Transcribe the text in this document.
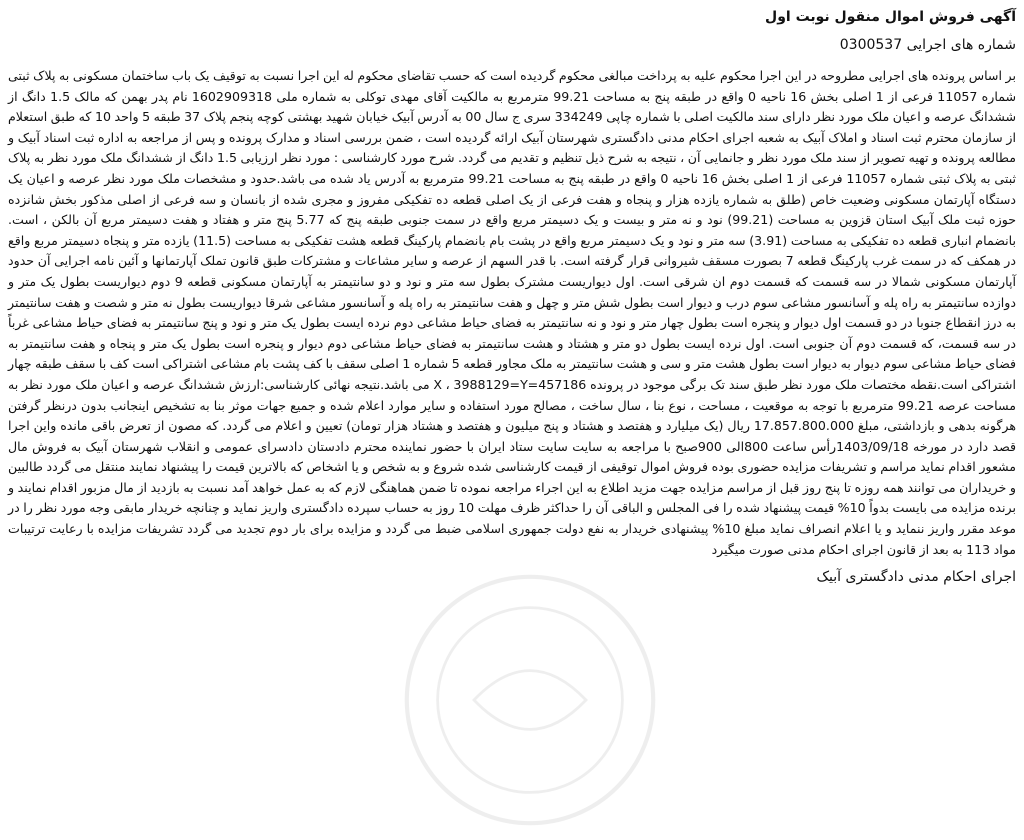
آگهی فروش اموال منقول نوبت اول
شماره های اجرایی 0300537

بر اساس پرونده های اجرایی مطروحه در این اجرا محکوم علیه به پرداخت مبالغی محکوم گردیده است که حسب تقاضای محکوم له این اجرا نسبت به توقیف یک باب ساختمان مسکونی به پلاک ثبتی شماره 11057 فرعی از 1 اصلی بخش 16 ناحیه 0 واقع در طبقه پنج به مساحت 99.21 مترمربع به مالکیت آقای مهدی توکلی به شماره ملی 1602909318 نام پدر بهمن که مالک 1.5 دانگ از ششدانگ عرصه و اعیان ملک مورد نظر دارای سند مالکیت اصلی با شماره چاپی 334249 سری ج سال 00 به آدرس آبیک خیابان شهید بهشتی کوچه پنجم پلاک 37 طبقه 5 واحد 10 که طبق استعلام از سازمان محترم ثبت اسناد و املاک آبیک به شعبه اجرای احکام مدنی دادگستری شهرستان آبیک ارائه گردیده است ، ضمن بررسی اسناد و مدارک پرونده و پس از مراجعه به اداره ثبت اسناد آبیک و مطالعه پرونده و تهیه تصویر از سند ملک مورد نظر و جانمایی آن ، نتیجه به شرح ذیل تنظیم و تقدیم می گردد. شرح مورد کارشناسی : مورد نظر ارزیابی 1.5 دانگ از ششدانگ ملک مورد نظر به پلاک ثبتی به پلاک ثبتی شماره 11057 فرعی از 1 اصلی بخش 16 ناحیه 0 واقع در طبقه پنج به مساحت 99.21 مترمربع به آدرس یاد شده می باشد.حدود و مشخصات ملک مورد نظر عرصه و اعیان یک دستگاه آپارتمان مسکونی وضعیت خاص (طلق به شماره یازده هزار و پنجاه و هفت فرعی از یک اصلی قطعه ده تفکیکی مفروز و مجری شده از بانسان و سه فرعی از اصلی مذکور بخش شانزده حوزه ثبت ملک آبیک استان قزوین به مساحت (99.21) نود و نه متر و بیست و یک دسیمتر مربع واقع در سمت جنوبی طبقه پنج که 5.77 پنج متر و هفتاد و هفت دسیمتر مربع آن بالکن ، است. بانضمام انباری قطعه ده تفکیکی به مساحت (3.91) سه متر و نود و یک دسیمتر مربع واقع در پشت بام بانضمام پارکینگ قطعه هشت تفکیکی به مساحت (11.5) یازده متر و پنجاه دسیمتر مربع واقع در همکف که در سمت غرب پارکینگ قطعه 7 بصورت مسقف شیروانی قرار گرفته است. با قدر السهم از عرصه و سایر مشاعات و مشترکات طبق قانون تملک آپارتمانها و آئین نامه اجرایی آن حدود آپارتمان مسکونی شمالا در سه قسمت که قسمت دوم ان شرقی است. اول دیواریست مشترک بطول سه متر و نود و دو سانتیمتر به آپارتمان مسکونی قطعه 9 دوم دیواریست بطول یک متر و دوازده سانتیمتر به راه پله و آسانسور مشاعی سوم درب و دیوار است بطول شش متر و چهل و هفت سانتیمتر به راه پله و آسانسور مشاعی شرقا دیواریست بطول نه متر و شصت و هفت سانتیمتر به درز انقطاع جنوبا در دو قسمت اول دیوار و پنجره است بطول چهار متر و نود و نه سانتیمتر به فضای حیاط مشاعی دوم نرده ایست بطول یک متر و نود و پنج سانتیمتر به فضای حیاط مشاعی غرباً در سه قسمت، که قسمت دوم آن جنوبی است. اول نرده ایست بطول دو متر و هشتاد و هشت سانتیمتر به فضای حیاط مشاعی دوم دیوار و پنجره است بطول یک متر و پنجاه و هفت سانتیمتر به فضای حیاط مشاعی سوم دیوار به دیوار است بطول هشت متر و سی و هشت سانتیمتر به ملک مجاور قطعه 5 شماره 1 اصلی سقف با کف پشت بام مشاعی اشتراکی است کف با سقف طبقه چهار اشتراکی است.نقطه مختصات ملک مورد نظر طبق سند تک برگی موجود در پرونده 457186=X ، 3988129=Y می باشد.نتیجه نهائی کارشناسی:ارزش ششدانگ عرصه و اعیان ملک مورد نظر به مساحت عرصه 99.21 مترمربع با توجه به موقعیت ، مساحت ، نوع بنا ، سال ساخت ، مصالح مورد استفاده و سایر موارد اعلام شده و جمیع جهات موثر بنا به تشخیص اینجانب بدون درنظر گرفتن هرگونه بدهی و بازداشتی، مبلغ 17.857.800.000 ریال (یک میلیارد و هفتصد و هشتاد و پنج میلیون و هفتصد و هشتاد هزار تومان) تعیین و اعلام می گردد. که مصون از تعرض باقی مانده واین اجرا قصد دارد در مورخه 1403/09/18رأس ساعت 800الی 900صبح با مراجعه به سایت سایت ستاد ایران با حضور نماینده محترم دادستان دادسرای عمومی و انقلاب شهرستان آبیک به فروش مال مشعور اقدام نماید مراسم و تشریفات مزایده حضوری بوده فروش اموال توقیفی از قیمت کارشناسی شده شروع و به شخص و یا اشخاص که بالاترین قیمت را پیشنهاد نمایند منتقل می گردد طالبین و خریداران می توانند همه روزه تا پنج روز قبل از مراسم مزایده جهت مزید اطلاع به این اجراء مراجعه نموده تا ضمن هماهنگی لازم که به عمل خواهد آمد نسبت به بازدید از مال مزبور اقدام نمایند و برنده مزایده می بایست بدواً 10% قیمت پیشنهاد شده را فی المجلس و الباقی آن را حداکثر ظرف مهلت 10 روز به حساب سپرده دادگستری واریز نماید و چنانچه خریدار مابقی وجه مورد نظر را در موعد مقرر واریز ننماید و یا اعلام انصراف نماید مبلغ 10% پیشنهادی خریدار به نفع دولت جمهوری اسلامی ضبط می گردد و مزایده برای بار دوم تجدید می گردد تشریفات مزایده با رعایت ترتیبات مواد 113 به بعد از قانون اجرای احکام مدنی صورت میگیرد

اجرای احکام مدنی دادگستری آبیک
